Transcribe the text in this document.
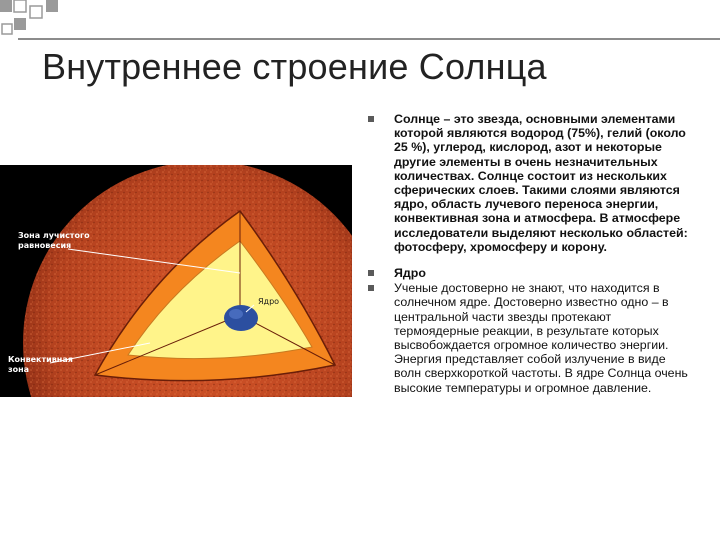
Внутреннее строение Солнца
Зона лучистого
равновесия
Ядро
Конвективная
зона
Солнце – это звезда, основными элементами которой являются водород (75%), гелий (около 25 %), углерод, кислород, азот и некоторые другие элементы в очень незначительных количествах. Солнце состоит из нескольких сферических слоев. Такими слоями являются ядро, область лучевого переноса энергии, конвективная зона и атмосфера. В атмосфере исследователи выделяют несколько областей: фотосферу, хромосферу и корону.
Ядро
Ученые достоверно не знают, что находится в солнечном ядре. Достоверно известно одно – в центральной части звезды протекают термоядерные реакции, в результате которых высвобождается огромное количество энергии. Энергия представляет собой излучение в виде волн сверхкороткой частоты. В ядре Солнца очень высокие температуры и огромное давление.
